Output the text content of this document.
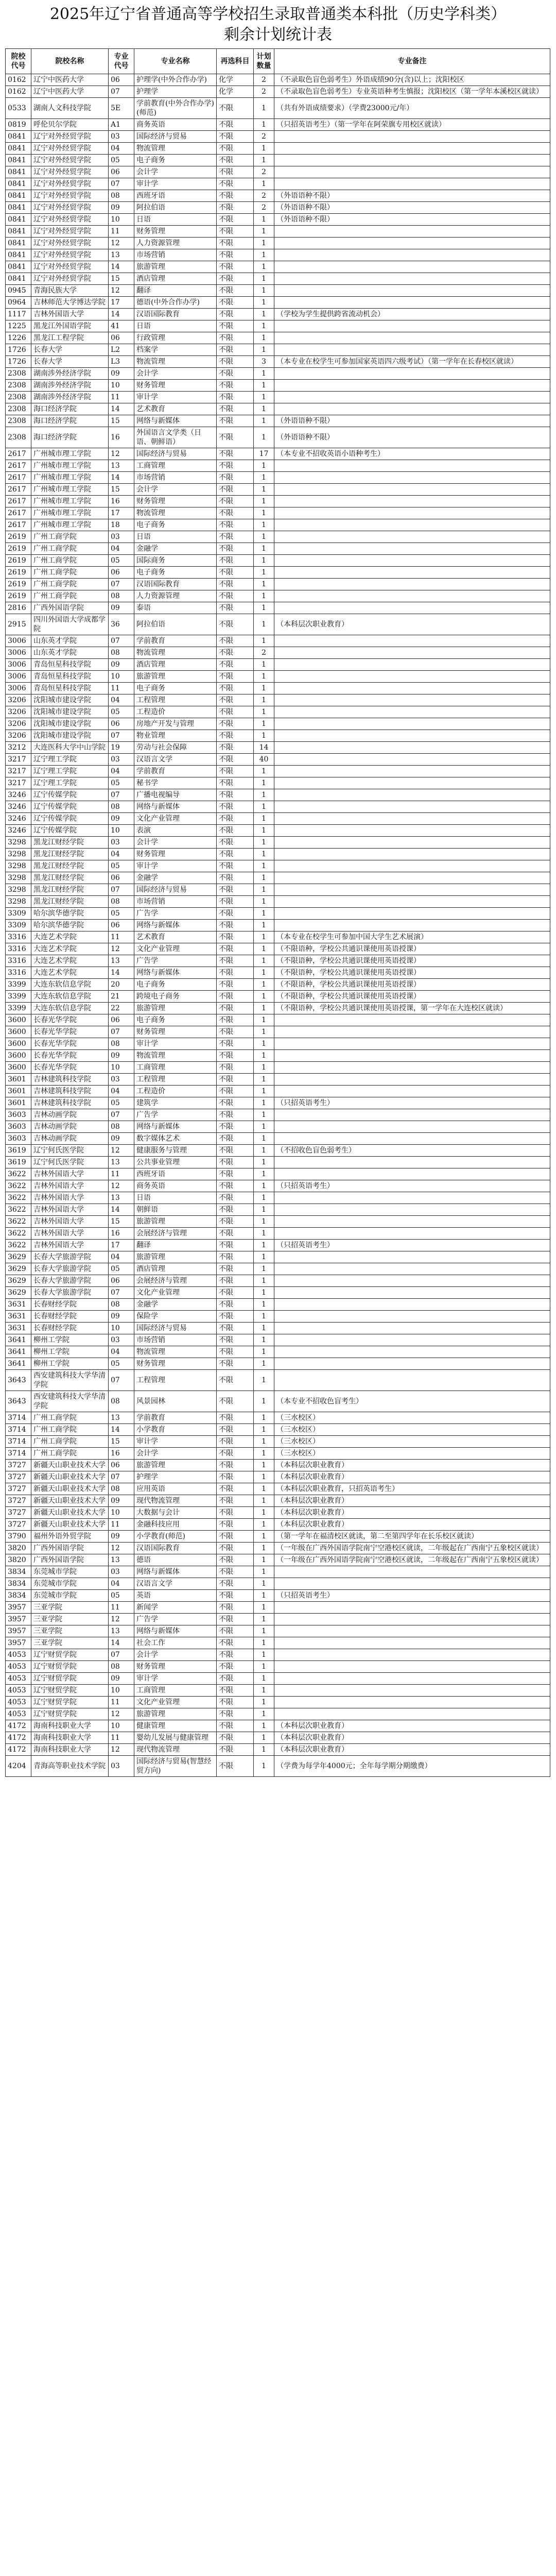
2025年辽宁省普通高等学校招生录取普通类本科批（历史学科类）
剩余计划统计表
院校代号	院校名称	专业代号	专业名称	再选科目	计划数量	专业备注
0162	辽宁中医药大学	06	护理学(中外合作办学)	化学	2	（不录取色盲色弱考生）外语成绩90分(含)以上；沈阳校区
0162	辽宁中医药大学	07	护理学	化学	2	（不录取色盲色弱考生）专业英语种考生慎报；沈阳校区（第一学年本溪校区就读）
0533	湖南人文科技学院	5E	学前教育(中外合作办学)(师范)	不限	1	（共有外语成绩要求）（学费23000元/年）
0819	呼伦贝尔学院	A1	商务英语	不限	1	（只招英语考生）（第一学年在阿荣旗专用校区就读）
0841	辽宁对外经贸学院	03	国际经济与贸易	不限	2	
0841	辽宁对外经贸学院	04	物流管理	不限	1	
0841	辽宁对外经贸学院	05	电子商务	不限	1	
0841	辽宁对外经贸学院	06	会计学	不限	2	
0841	辽宁对外经贸学院	07	审计学	不限	1	
0841	辽宁对外经贸学院	08	西班牙语	不限	2	（外语语种不限）
0841	辽宁对外经贸学院	09	阿拉伯语	不限	2	（外语语种不限）
0841	辽宁对外经贸学院	10	日语	不限	1	（外语语种不限）
0841	辽宁对外经贸学院	11	财务管理	不限	1	
0841	辽宁对外经贸学院	12	人力资源管理	不限	1	
0841	辽宁对外经贸学院	13	市场营销	不限	1	
0841	辽宁对外经贸学院	14	旅游管理	不限	1	
0841	辽宁对外经贸学院	15	酒店管理	不限	1	
0945	青海民族大学	12	翻译	不限	1	
0964	吉林师范大学博达学院	17	德语(中外合作办学)	不限	1	
1117	吉林外国语大学	14	汉语国际教育	不限	1	（学校为学生提供跨省流动机会）
1225	黑龙江外国语学院	41	日语	不限	1	
1226	黑龙江工程学院	06	行政管理	不限	1	
1726	长春大学	L2	档案学	不限	1	
1726	长春大学	L3	物流管理	不限	3	（本专业在校学生可参加国家英语四六级考试）（第一学年在长春校区就读）
2308	湖南涉外经济学院	09	会计学	不限	1	
2308	湖南涉外经济学院	10	财务管理	不限	1	
2308	湖南涉外经济学院	11	审计学	不限	1	
2308	海口经济学院	14	艺术教育	不限	1	
2308	海口经济学院	15	网络与新媒体	不限	1	（外语语种不限）
2308	海口经济学院	16	外国语言文学类（日语、朝鲜语）	不限	1	（外语语种不限）
2617	广州城市理工学院	12	国际经济与贸易	不限	17	（本专业不招收英语小语种考生）
2617	广州城市理工学院	13	工商管理	不限	1	
2617	广州城市理工学院	14	市场营销	不限	1	
2617	广州城市理工学院	15	会计学	不限	1	
2617	广州城市理工学院	16	财务管理	不限	1	
2617	广州城市理工学院	17	物流管理	不限	1	
2617	广州城市理工学院	18	电子商务	不限	1	
2619	广州工商学院	03	日语	不限	1	
2619	广州工商学院	04	金融学	不限	1	
2619	广州工商学院	05	国际商务	不限	1	
2619	广州工商学院	06	电子商务	不限	1	
2619	广州工商学院	07	汉语国际教育	不限	1	
2619	广州工商学院	08	人力资源管理	不限	1	
2816	广西外国语学院	09	泰语	不限	1	
2915	四川外国语大学成都学院	36	阿拉伯语	不限	1	（本科层次职业教育）
3006	山东英才学院	07	学前教育	不限	1	
3006	山东英才学院	08	物流管理	不限	2	
3006	青岛恒星科技学院	09	酒店管理	不限	1	
3006	青岛恒星科技学院	10	旅游管理	不限	1	
3006	青岛恒星科技学院	11	电子商务	不限	1	
3206	沈阳城市建设学院	04	工程管理	不限	1	
3206	沈阳城市建设学院	05	工程造价	不限	1	
3206	沈阳城市建设学院	06	房地产开发与管理	不限	1	
3206	沈阳城市建设学院	07	物业管理	不限	1	
3212	大连医科大学中山学院	19	劳动与社会保障	不限	14	
3217	辽宁理工学院	03	汉语言文学	不限	40	
3217	辽宁理工学院	04	学前教育	不限	1	
3217	辽宁理工学院	05	秘书学	不限	1	
3246	辽宁传媒学院	07	广播电视编导	不限	1	
3246	辽宁传媒学院	08	网络与新媒体	不限	1	
3246	辽宁传媒学院	09	文化产业管理	不限	1	
3246	辽宁传媒学院	10	表演	不限	1	
3298	黑龙江财经学院	03	会计学	不限	1	
3298	黑龙江财经学院	04	财务管理	不限	1	
3298	黑龙江财经学院	05	审计学	不限	1	
3298	黑龙江财经学院	06	金融学	不限	1	
3298	黑龙江财经学院	07	国际经济与贸易	不限	1	
3298	黑龙江财经学院	08	市场营销	不限	1	
3309	哈尔滨华德学院	05	广告学	不限	1	
3309	哈尔滨华德学院	06	网络与新媒体	不限	1	
3316	大连艺术学院	11	艺术教育	不限	1	（本专业在校学生可参加中国大学生艺术展演）
3316	大连艺术学院	12	文化产业管理	不限	1	（不限语种，学校公共通识课使用英语授课）
3316	大连艺术学院	13	广告学	不限	1	（不限语种，学校公共通识课使用英语授课）
3316	大连艺术学院	14	网络与新媒体	不限	1	（不限语种，学校公共通识课使用英语授课）
3399	大连东软信息学院	20	电子商务	不限	1	（不限语种，学校公共通识课使用英语授课）
3399	大连东软信息学院	21	跨境电子商务	不限	1	（不限语种，学校公共通识课使用英语授课）
3399	大连东软信息学院	22	旅游管理	不限	1	（不限语种，学校公共通识课使用英语授课，第一学年在大连校区就读）
3600	长春光华学院	06	电子商务	不限	1	
3600	长春光华学院	07	财务管理	不限	1	
3600	长春光华学院	08	审计学	不限	1	
3600	长春光华学院	09	物流管理	不限	1	
3600	长春光华学院	10	工商管理	不限	1	
3601	吉林建筑科技学院	03	工程管理	不限	1	
3601	吉林建筑科技学院	04	工程造价	不限	1	
3601	吉林建筑科技学院	05	建筑学	不限	1	（只招英语考生）
3603	吉林动画学院	07	广告学	不限	1	
3603	吉林动画学院	08	网络与新媒体	不限	1	
3603	吉林动画学院	09	数字媒体艺术	不限	1	
3619	辽宁何氏医学院	12	健康服务与管理	不限	1	（不招收色盲色弱考生）
3619	辽宁何氏医学院	13	公共事业管理	不限	1	
3622	吉林外国语大学	11	西班牙语	不限	1	
3622	吉林外国语大学	12	商务英语	不限	1	（只招英语考生）
3622	吉林外国语大学	13	日语	不限	1	
3622	吉林外国语大学	14	朝鲜语	不限	1	
3622	吉林外国语大学	15	旅游管理	不限	1	
3622	吉林外国语大学	16	会展经济与管理	不限	1	
3622	吉林外国语大学	17	翻译	不限	1	（只招英语考生）
3629	长春大学旅游学院	04	旅游管理	不限	1	
3629	长春大学旅游学院	05	酒店管理	不限	1	
3629	长春大学旅游学院	06	会展经济与管理	不限	1	
3629	长春大学旅游学院	07	文化产业管理	不限	1	
3631	长春财经学院	08	金融学	不限	1	
3631	长春财经学院	09	保险学	不限	1	
3631	长春财经学院	10	国际经济与贸易	不限	1	
3641	柳州工学院	03	市场营销	不限	1	
3641	柳州工学院	04	物流管理	不限	1	
3641	柳州工学院	05	财务管理	不限	1	
3643	西安建筑科技大学华清学院	07	工程管理	不限	1	
3643	西安建筑科技大学华清学院	08	风景园林	不限	1	（本专业不招收色盲考生）
3714	广州工商学院	13	学前教育	不限	1	（三水校区）
3714	广州工商学院	14	小学教育	不限	1	（三水校区）
3714	广州工商学院	15	审计学	不限	1	（三水校区）
3714	广州工商学院	16	会计学	不限	1	（三水校区）
3727	新疆天山职业技术大学	06	旅游管理	不限	1	（本科层次职业教育）
3727	新疆天山职业技术大学	07	护理学	不限	1	（本科层次职业教育）
3727	新疆天山职业技术大学	08	应用英语	不限	1	（本科层次职业教育，只招英语考生）
3727	新疆天山职业技术大学	09	现代物流管理	不限	1	（本科层次职业教育）
3727	新疆天山职业技术大学	10	大数据与会计	不限	1	（本科层次职业教育）
3727	新疆天山职业技术大学	11	金融科技应用	不限	1	（本科层次职业教育）
3790	福州外语外贸学院	09	小学教育(师范)	不限	1	（第一学年在福清校区就读，第二至第四学年在长乐校区就读）
3820	广西外国语学院	12	汉语国际教育	不限	1	（一年级在广西外国语学院南宁空港校区就读，二年级起在广西南宁五象校区就读）
3820	广西外国语学院	13	德语	不限	1	（一年级在广西外国语学院南宁空港校区就读，二年级起在广西南宁五象校区就读）
3834	东莞城市学院	03	网络与新媒体	不限	1	
3834	东莞城市学院	04	汉语言文学	不限	1	
3834	东莞城市学院	05	英语	不限	1	（只招英语考生）
3957	三亚学院	11	新闻学	不限	1	
3957	三亚学院	12	广告学	不限	1	
3957	三亚学院	13	网络与新媒体	不限	1	
3957	三亚学院	14	社会工作	不限	1	
4053	辽宁财贸学院	07	会计学	不限	1	
4053	辽宁财贸学院	08	财务管理	不限	1	
4053	辽宁财贸学院	09	审计学	不限	1	
4053	辽宁财贸学院	10	工商管理	不限	1	
4053	辽宁财贸学院	11	文化产业管理	不限	1	
4053	辽宁财贸学院	12	旅游管理	不限	1	
4172	海南科技职业大学	10	健康管理	不限	1	（本科层次职业教育）
4172	海南科技职业大学	11	婴幼儿发展与健康管理	不限	1	（本科层次职业教育）
4172	海南科技职业大学	12	现代物流管理	不限	1	（本科层次职业教育）
4204	青海高等职业技术学院	03	国际经济与贸易(智慧经贸方向)	不限	1	（学费为每学年4000元；全年每学期分期缴费）
